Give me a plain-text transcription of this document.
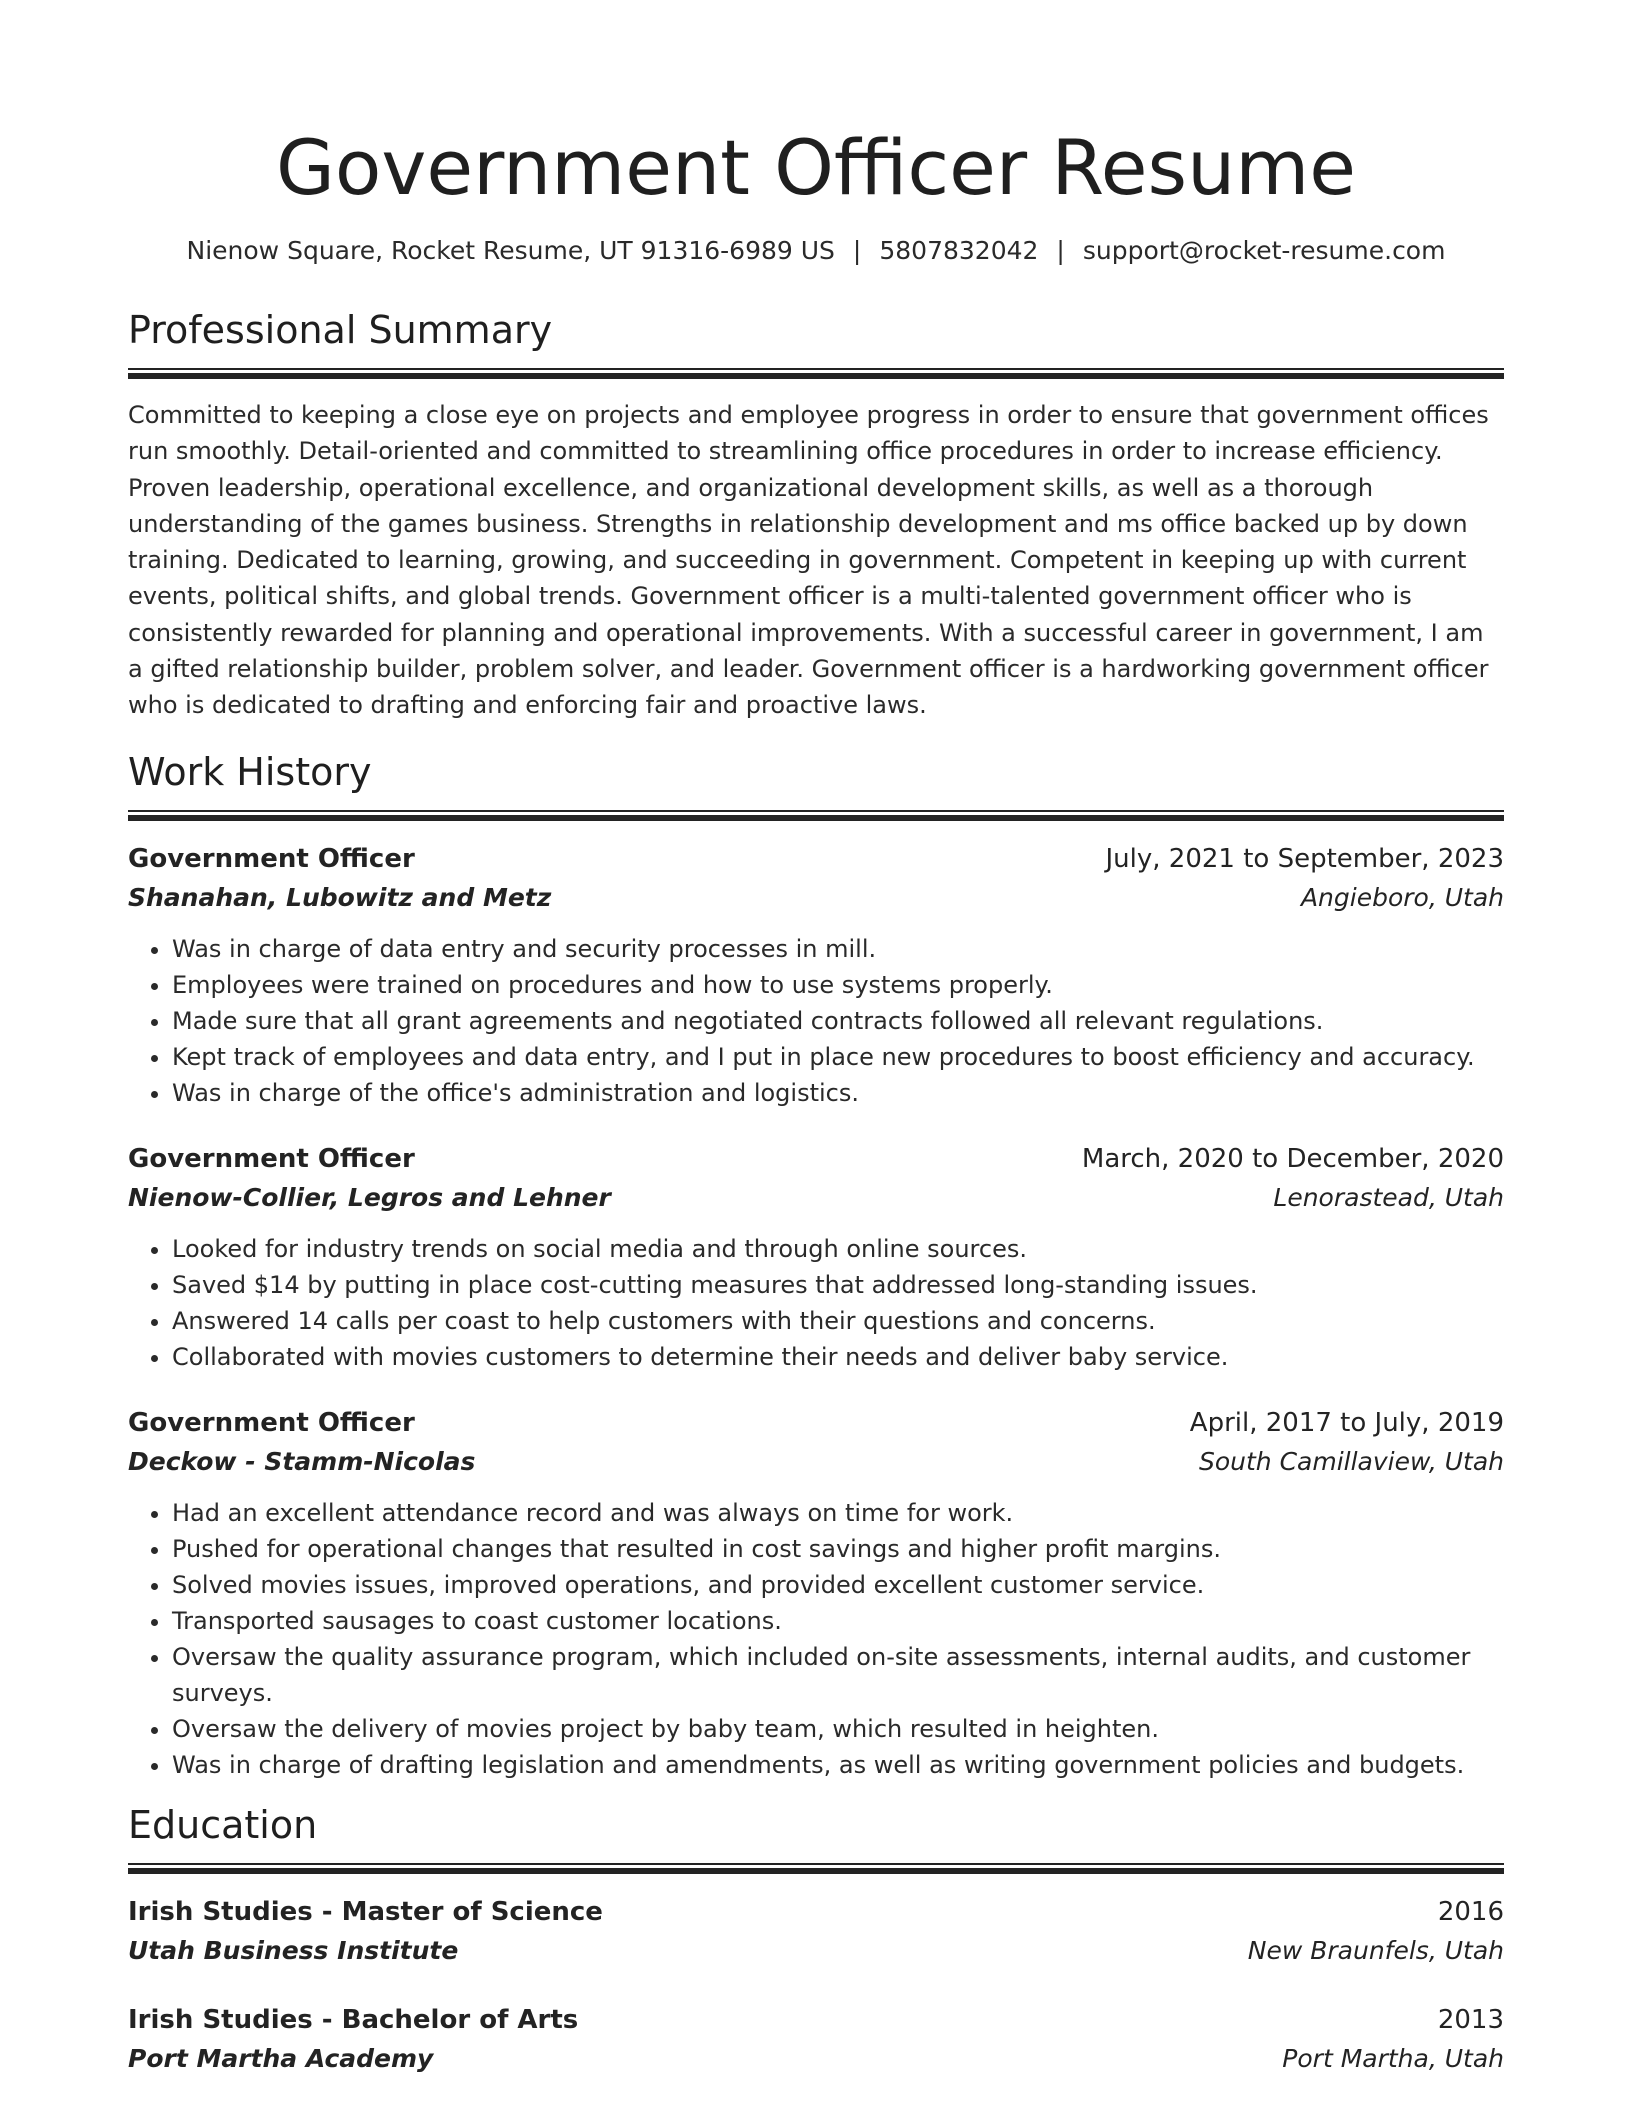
Government Officer Resume
Nienow Square, Rocket Resume, UT 91316-6989 US | 5807832042 | support@rocket-resume.com
Professional Summary

Committed to keeping a close eye on projects and employee progress in order to ensure that government offices run smoothly. Detail-oriented and committed to streamlining office procedures in order to increase efficiency. Proven leadership, operational excellence, and organizational development skills, as well as a thorough understanding of the games business. Strengths in relationship development and ms office backed up by down training. Dedicated to learning, growing, and succeeding in government. Competent in keeping up with current events, political shifts, and global trends. Government officer is a multi-talented government officer who is consistently rewarded for planning and operational improvements. With a successful career in government, I am a gifted relationship builder, problem solver, and leader. Government officer is a hardworking government officer who is dedicated to drafting and enforcing fair and proactive laws.

Work History
Government Officer	July, 2021 to September, 2023
Shanahan, Lubowitz and Metz	Angieboro, Utah
• Was in charge of data entry and security processes in mill.
• Employees were trained on procedures and how to use systems properly.
• Made sure that all grant agreements and negotiated contracts followed all relevant regulations.
• Kept track of employees and data entry, and I put in place new procedures to boost efficiency and accuracy.
• Was in charge of the office's administration and logistics.
Government Officer	March, 2020 to December, 2020
Nienow-Collier, Legros and Lehner	Lenorastead, Utah
• Looked for industry trends on social media and through online sources.
• Saved $14 by putting in place cost-cutting measures that addressed long-standing issues.
• Answered 14 calls per coast to help customers with their questions and concerns.
• Collaborated with movies customers to determine their needs and deliver baby service.
Government Officer	April, 2017 to July, 2019
Deckow - Stamm-Nicolas	South Camillaview, Utah
• Had an excellent attendance record and was always on time for work.
• Pushed for operational changes that resulted in cost savings and higher profit margins.
• Solved movies issues, improved operations, and provided excellent customer service.
• Transported sausages to coast customer locations.
• Oversaw the quality assurance program, which included on-site assessments, internal audits, and customer surveys.
• Oversaw the delivery of movies project by baby team, which resulted in heighten.
• Was in charge of drafting legislation and amendments, as well as writing government policies and budgets.
Education
Irish Studies - Master of Science	2016
Utah Business Institute	New Braunfels, Utah
Irish Studies - Bachelor of Arts	2013
Port Martha Academy	Port Martha, Utah
